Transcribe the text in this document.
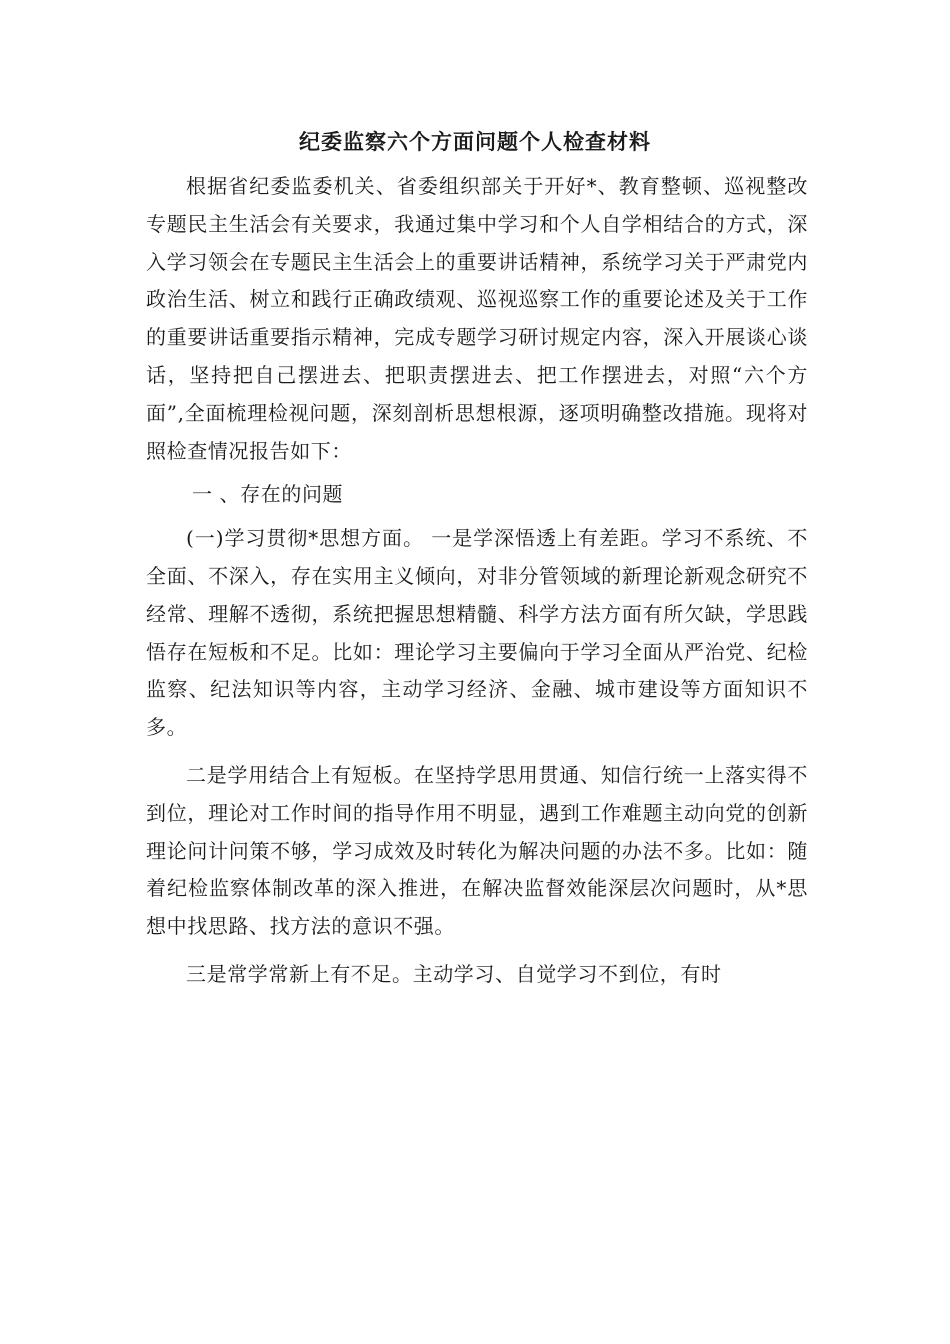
纪委监察六个方面问题个人检查材料

根据省纪委监委机关、省委组织部关于开好*、教育整顿、巡视整改专题民主生活会有关要求，我通过集中学习和个人自学相结合的方式，深入学习领会在专题民主生活会上的重要讲话精神，系统学习关于严肃党内政治生活、树立和践行正确政绩观、巡视巡察工作的重要论述及关于工作的重要讲话重要指示精神，完成专题学习研讨规定内容，深入开展谈心谈话，坚持把自己摆进去、把职责摆进去、把工作摆进去，对照“六个方面”,全面梳理检视问题，深刻剖析思想根源，逐项明确整改措施。现将对照检查情况报告如下：

一 、存在的问题

(一)学习贯彻*思想方面。 一是学深悟透上有差距。学习不系统、不全面、不深入，存在实用主义倾向，对非分管领域的新理论新观念研究不经常、理解不透彻，系统把握思想精髓、科学方法方面有所欠缺，学思践悟存在短板和不足。比如：理论学习主要偏向于学习全面从严治党、纪检监察、纪法知识等内容，主动学习经济、金融、城市建设等方面知识不多。

二是学用结合上有短板。在坚持学思用贯通、知信行统一上落实得不到位，理论对工作时间的指导作用不明显，遇到工作难题主动向党的创新理论问计问策不够，学习成效及时转化为解决问题的办法不多。比如：随着纪检监察体制改革的深入推进，在解决监督效能深层次问题时，从*思想中找思路、找方法的意识不强。

三是常学常新上有不足。主动学习、自觉学习不到位，有时
